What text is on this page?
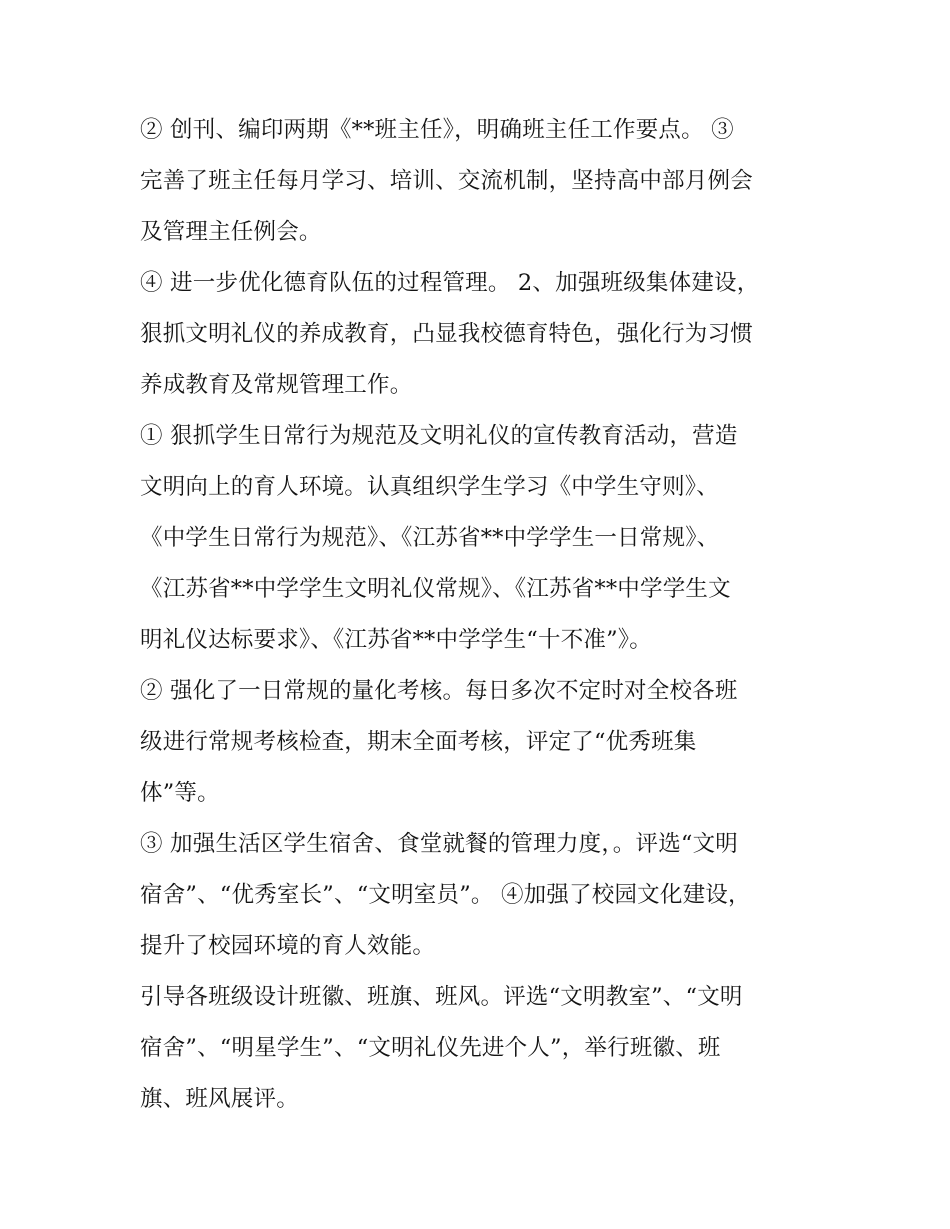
② 创刊、编印两期《**班主任》，明确班主任工作要点。 ③

完善了班主任每月学习、培训、交流机制，坚持高中部月例会

及管理主任例会。

④ 进一步优化德育队伍的过程管理。 2、加强班级集体建设，

狠抓文明礼仪的养成教育，凸显我校德育特色，强化行为习惯

养成教育及常规管理工作。

① 狠抓学生日常行为规范及文明礼仪的宣传教育活动，营造

文明向上的育人环境。认真组织学生学习《中学生守则》、

《中学生日常行为规范》、《江苏省**中学学生一日常规》、

《江苏省**中学学生文明礼仪常规》、《江苏省**中学学生文

明礼仪达标要求》、《江苏省**中学学生“十不准”》。

② 强化了一日常规的量化考核。每日多次不定时对全校各班

级进行常规考核检查，期末全面考核，评定了“优秀班集

体”等。

③ 加强生活区学生宿舍、食堂就餐的管理力度，。评选“文明

宿舍”、“优秀室长”、“文明室员”。 ④加强了校园文化建设，

提升了校园环境的育人效能。

引导各班级设计班徽、班旗、班风。评选“文明教室”、“文明

宿舍”、“明星学生”、“文明礼仪先进个人”，举行班徽、班

旗、班风展评。
